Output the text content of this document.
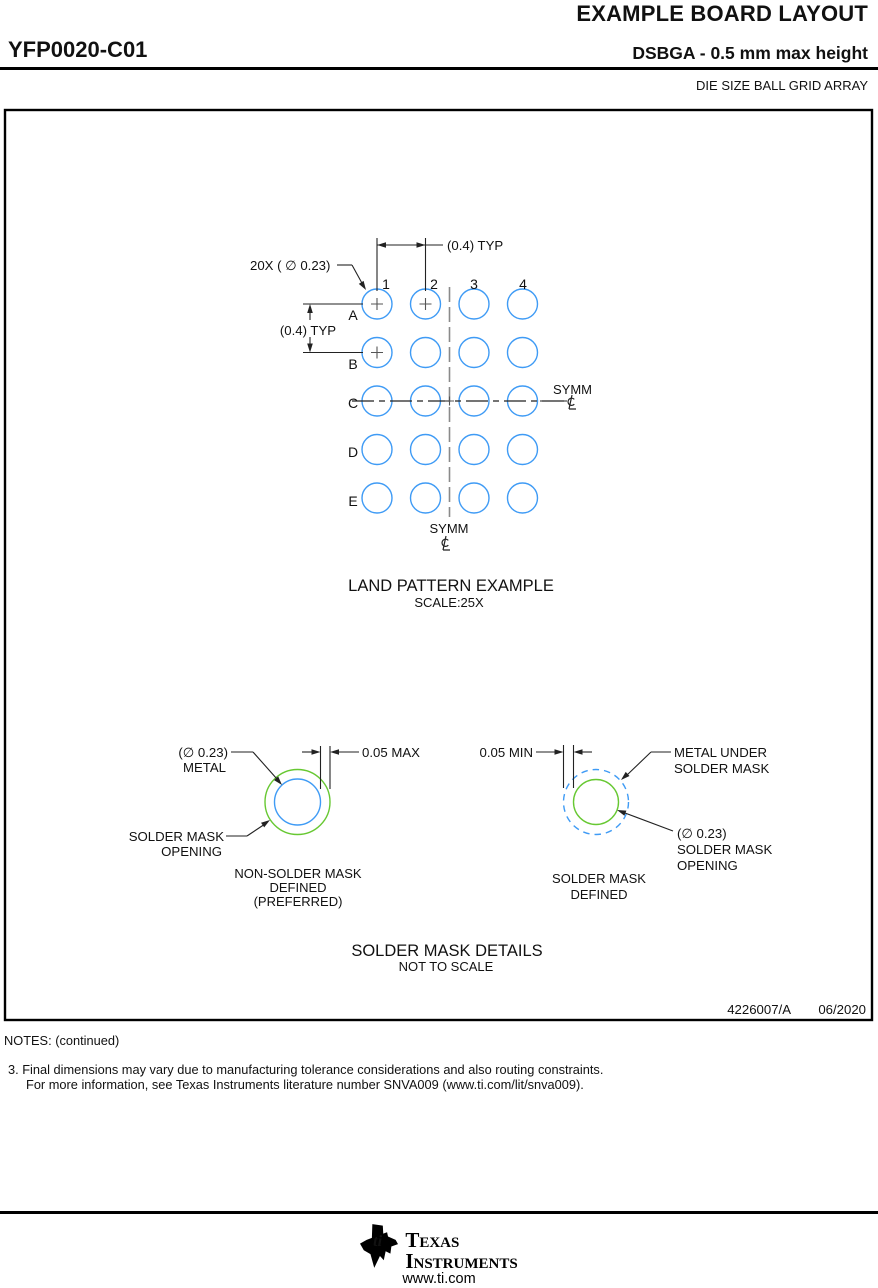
EXAMPLE BOARD LAYOUT
YFP0020-C01	DSBGA - 0.5 mm max height
DIE SIZE BALL GRID ARRAY
A
B
C
D
E
1	2 3	4
(0.4) TYP
(0.4) TYP
20X ( ∅ 0.23)
SYMM
SYMM
LAND PATTERN EXAMPLE
SCALE:25X
0.05 MAX
(∅ 0.23)
METAL
SOLDER MASK
OPENING
NON-SOLDER MASK
DEFINED
(PREFERRED)
0.05 MIN	METAL UNDER
SOLDER MASK
(∅ 0.23)
SOLDER MASK
OPENING
SOLDER MASK
DEFINED
SOLDER MASK DETAILS
NOT TO SCALE
4226007/A 06/2020
NOTES: (continued)
3. Final dimensions may vary due to manufacturing tolerance considerations and also routing constraints.
For more information, see Texas Instruments literature number SNVA009 (www.ti.com/lit/snva009).
ti Texas
Instruments
www.ti.com
